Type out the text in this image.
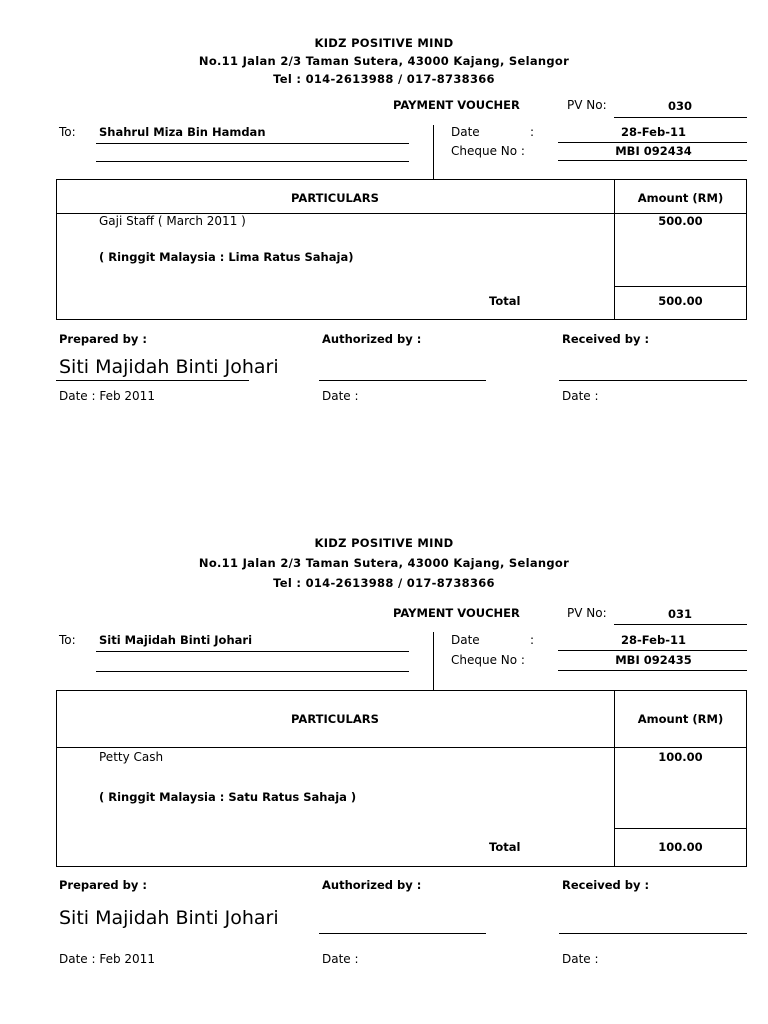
KIDZ POSITIVE MIND
No.11 Jalan 2/3 Taman Sutera, 43000 Kajang, Selangor
Tel : 014-2613988 / 017-8738366
PAYMENT VOUCHER	PV No:	030
To: Shahrul Miza Bin Hamdan	Date	:	28-Feb-11
Cheque No :	MBI 092434
PARTICULARS	Amount (RM)
Gaji Staff ( March 2011 )	500.00
( Ringgit Malaysia : Lima Ratus Sahaja)
Total	500.00
Prepared by :	Authorized by :	Received by :
Siti Majidah Binti Johari
Date : Feb 2011	Date :	Date :
KIDZ POSITIVE MIND
No.11 Jalan 2/3 Taman Sutera, 43000 Kajang, Selangor
Tel : 014-2613988 / 017-8738366
PAYMENT VOUCHER	PV No:	031
To: Siti Majidah Binti Johari	Date	:	28-Feb-11
Cheque No :	MBI 092435
PARTICULARS	Amount (RM)
Petty Cash	100.00
( Ringgit Malaysia : Satu Ratus Sahaja )
Total	100.00
Prepared by :	Authorized by :	Received by :
Siti Majidah Binti Johari
Date : Feb 2011	Date :	Date :
